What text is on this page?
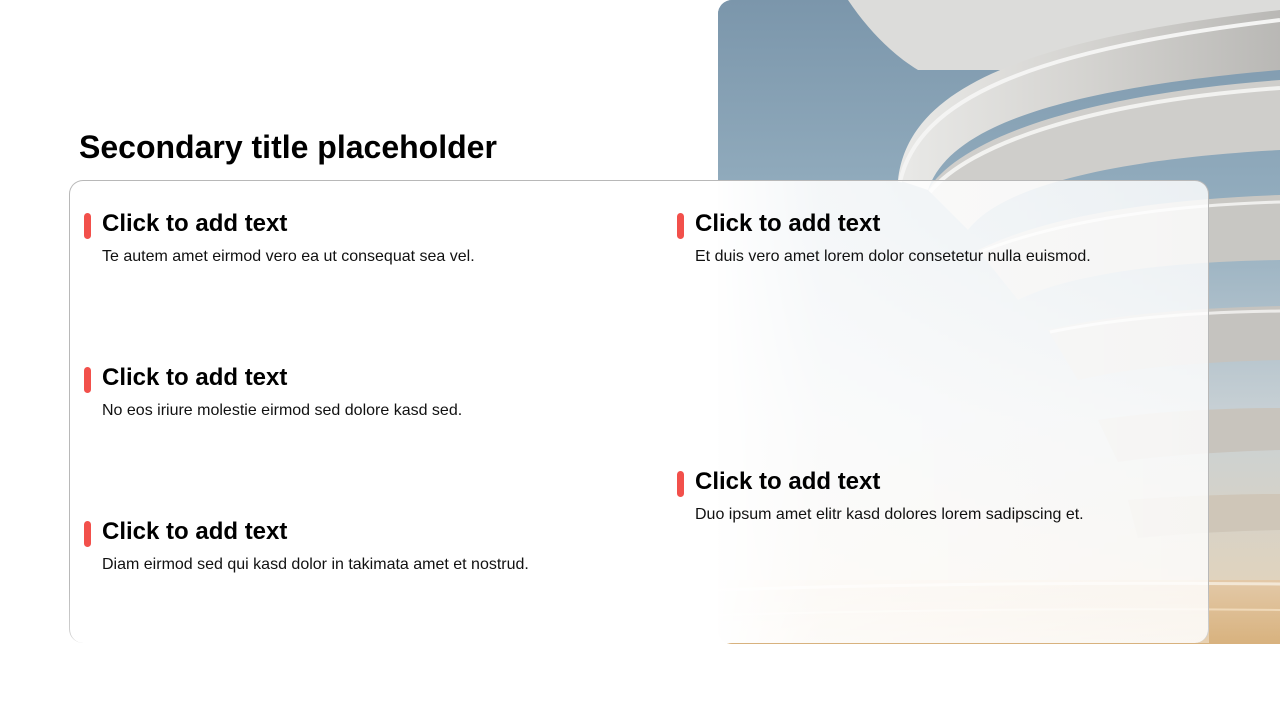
Secondary title placeholder
Click to add text

Te autem amet eirmod vero ea ut consequat sea vel.

Click to add text

No eos iriure molestie eirmod sed dolore kasd sed.

Click to add text

Diam eirmod sed qui kasd dolor in takimata amet et nostrud.

Click to add text

Et duis vero amet lorem dolor consetetur nulla euismod.

Click to add text

Duo ipsum amet elitr kasd dolores lorem sadipscing et.
